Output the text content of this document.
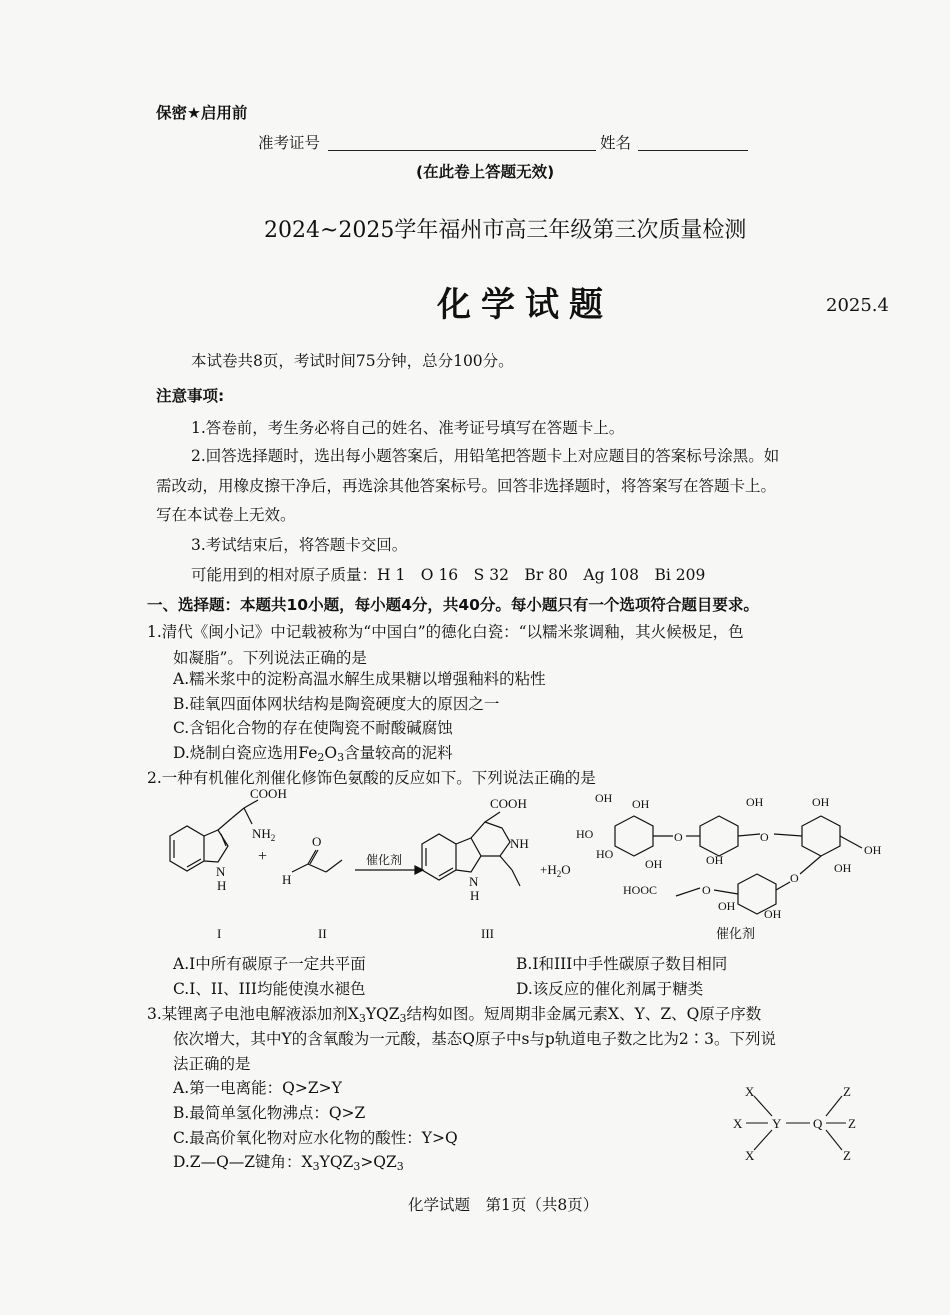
保密★启用前
准考证号	姓名
(在此卷上答题无效)
2024~2025学年福州市高三年级第三次质量检测
化学试题	2025.4
本试卷共8页，考试时间75分钟，总分100分。
注意事项:
1.答卷前，考生务必将自己的姓名、准考证号填写在答题卡上。
2.回答选择题时，选出每小题答案后，用铅笔把答题卡上对应题目的答案标号涂黑。如
需改动，用橡皮擦干净后，再选涂其他答案标号。回答非选择题时，将答案写在答题卡上。
写在本试卷上无效。
3.考试结束后，将答题卡交回。
可能用到的相对原子质量：H 1　O 16　S 32　Br 80　Ag 108　Bi 209
一、选择题：本题共10小题，每小题4分，共40分。每小题只有一个选项符合题目要求。
1.清代《闽小记》中记载被称为“中国白”的德化白瓷：“以糯米浆调釉，其火候极足，色
如凝脂”。下列说法正确的是
A.糯米浆中的淀粉高温水解生成果糖以增强釉料的粘性
B.硅氧四面体网状结构是陶瓷硬度大的原因之一
C.含铝化合物的存在使陶瓷不耐酸碱腐蚀
D.烧制白瓷应选用$Fe_2O_3$含量较高的泥料
2.一种有机催化剂催化修饰色氨酸的反应如下。下列说法正确的是
COOH
$NH_2$
N
H
+
H
O
催化剂
COOH
NH
N
H
$+H_2O$
OH OH
HO
HO
OH
O
OH
OH
O
OH
OH
OH
O
HOOC	O
OH
OH
I	II	III	催化剂
A.I中所有碳原子一定共平面	B.I和III中手性碳原子数目相同
C.I、II、III均能使溴水褪色	D.该反应的催化剂属于糖类
3.某锂离子电池电解液添加剂$X_3YQZ_3$结构如图。短周期非金属元素X、Y、Z、Q原子序数
依次增大，其中Y的含氧酸为一元酸，基态Q原子中s与p轨道电子数之比为2∶3。下列说
法正确的是
A.第一电离能：Q>Z>Y
B.最简单氢化物沸点：Q>Z
C.最高价氧化物对应水化物的酸性：Y>Q
D.Z—Q—Z键角：$X_3YQZ_3>QZ_3$
X
X
X
Y Q
Z
Z
Z
化学试题　第1页（共8页）
